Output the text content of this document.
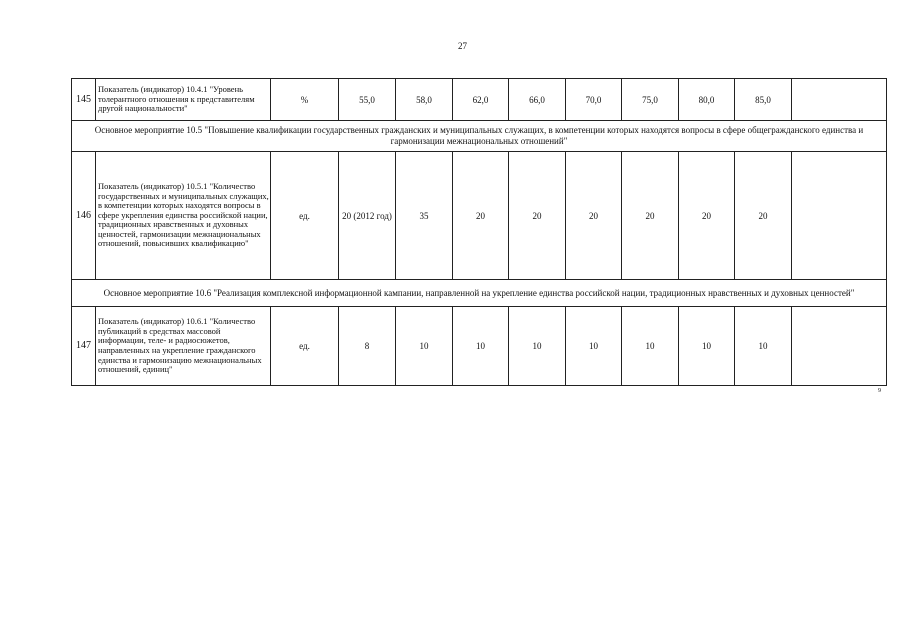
27
145	Показатель (индикатор) 10.4.1 "Уровень толерантного отношения к представителям другой национальности"	%	55,0	58,0	62,0	66,0	70,0	75,0	80,0	85,0	
Основное мероприятие 10.5 "Повышение квалификации государственных гражданских и муниципальных служащих, в компетенции которых находятся вопросы в сфере общегражданского единства и гармонизации межнациональных отношений"											
146	Показатель (индикатор) 10.5.1 "Количество государственных и муниципальных служащих, в компетенции которых находятся вопросы в сфере укрепления единства российской нации, традиционных нравственных и духовных ценностей, гармонизации межнациональных отношений, повысивших квалификацию"	ед.	20 (2012 год)	35	20	20	20	20	20	20	
Основное мероприятие 10.6 "Реализация комплексной информационной кампании, направленной на укрепление единства российской нации, традиционных нравственных и духовных ценностей"											
147	Показатель (индикатор) 10.6.1 "Количество публикаций в средствах массовой информации, теле- и радиосюжетов, направленных на укрепление гражданского единства и гармонизацию межнациональных отношений, единиц"	ед.	8	10	10	10	10	10	10	10	
9
